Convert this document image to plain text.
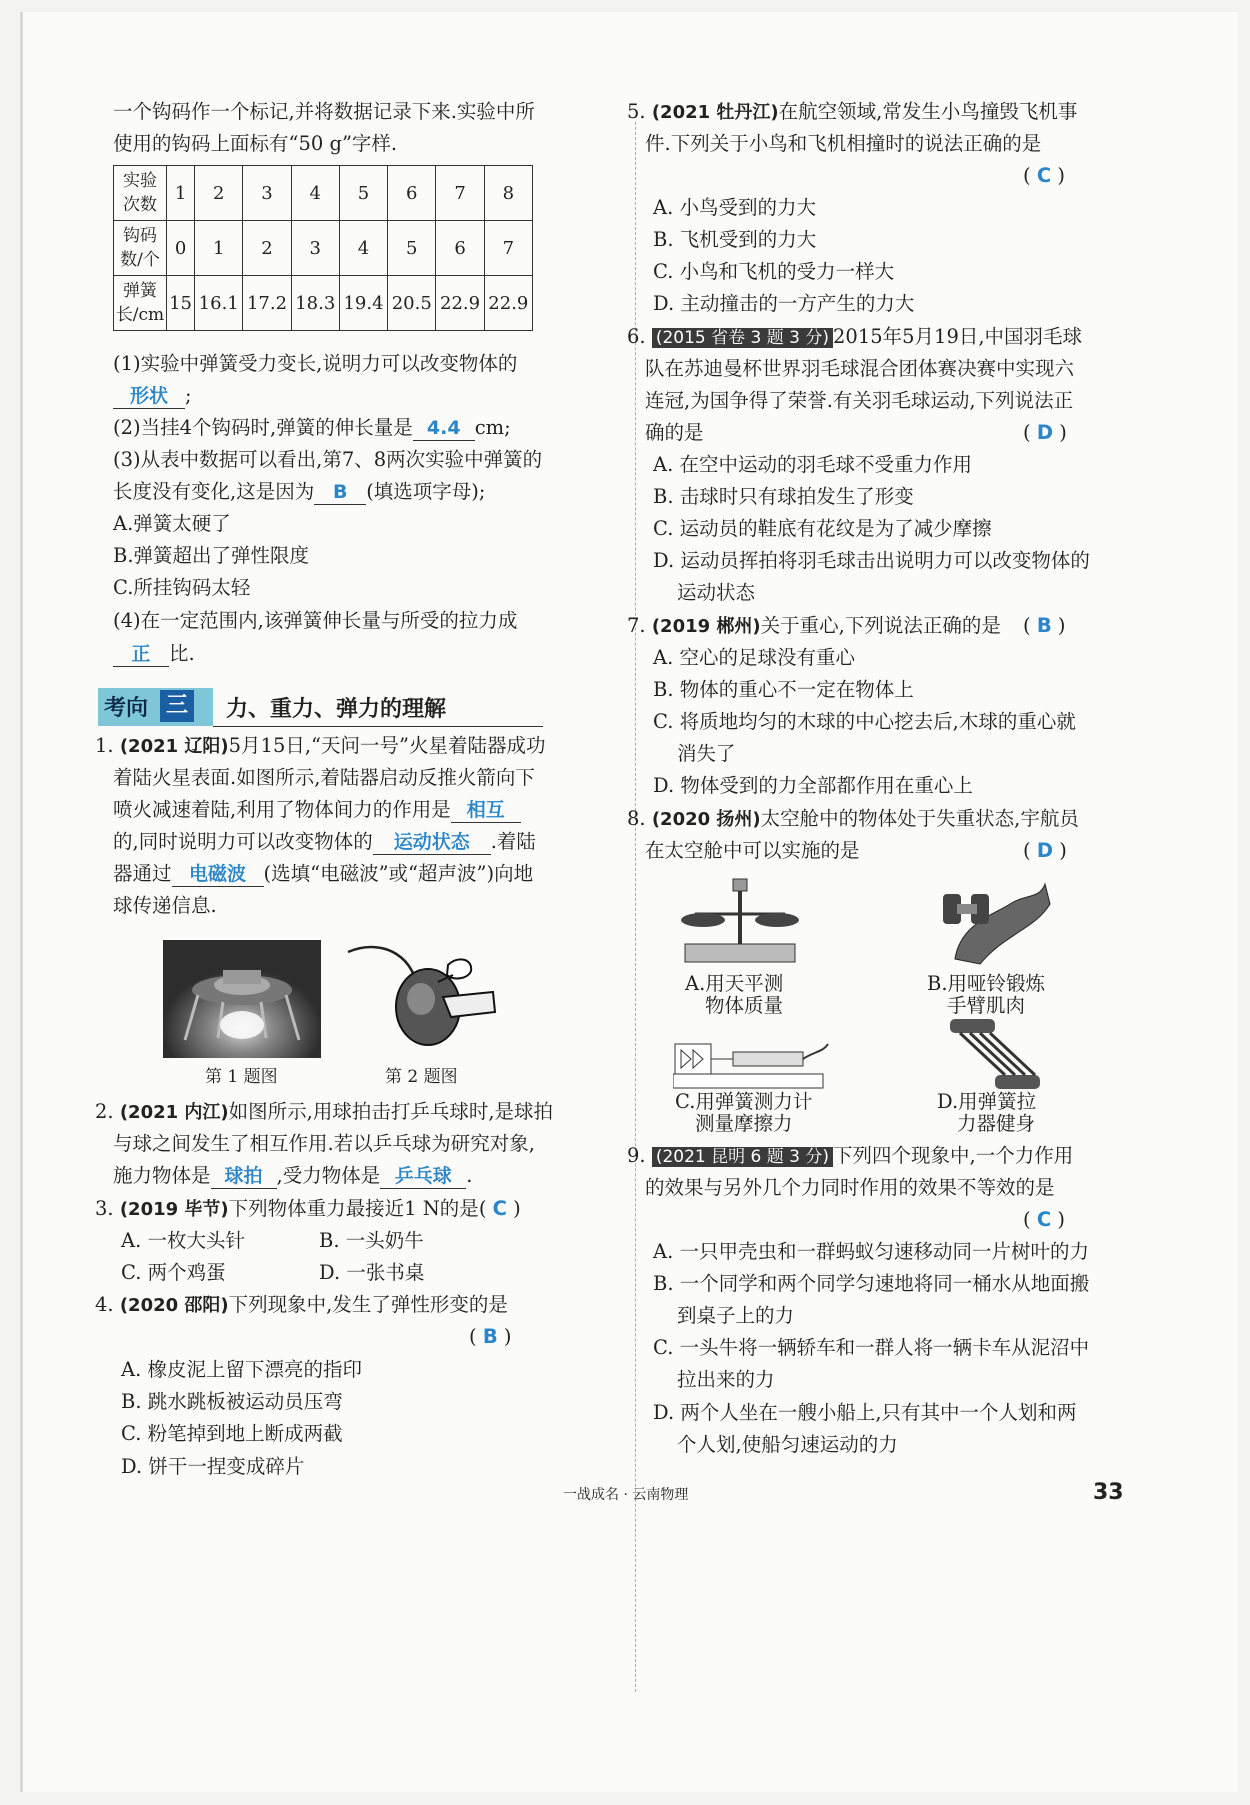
一个钩码作一个标记,并将数据记录下来.实验中所
使用的钩码上面标有“50 g”字样.
实验
次数	1	2	3	4	5	6	7	8
钩码
数/个	0	1	2	3	4	5	6	7
弹簧
长/cm	15	16.1	17.2	18.3	19.4	20.5	22.9	22.9
(1)实验中弹簧受力变长,说明力可以改变物体的
形状 ;
(2)当挂4个钩码时,弹簧的伸长量是 4.4 cm;
(3)从表中数据可以看出,第7、8两次实验中弹簧的
长度没有变化,这是因为 B (填选项字母);
A.弹簧太硬了
B.弹簧超出了弹性限度
C.所挂钩码太轻
(4)在一定范围内,该弹簧伸长量与所受的拉力成
正 比.
考向 三 力、重力、弹力的理解
1. (2021 辽阳)5月15日,“天问一号”火星着陆器成功
着陆火星表面.如图所示,着陆器启动反推火箭向下
喷火减速着陆,利用了物体间力的作用是 相互
的,同时说明力可以改变物体的 运动状态 .着陆
器通过 电磁波 (选填“电磁波”或“超声波”)向地
球传递信息.
第 1 题图	第 2 题图
2. (2021 内江)如图所示,用球拍击打乒乓球时,是球拍
与球之间发生了相互作用.若以乒乓球为研究对象,
施力物体是 球拍 ,受力物体是 乒乓球 .
3. (2019 毕节)下列物体重力最接近1 N的是( C )
A. 一枚大头针	B. 一头奶牛
C. 两个鸡蛋	D. 一张书桌
4. (2020 邵阳)下列现象中,发生了弹性形变的是
( B )
A. 橡皮泥上留下漂亮的指印
B. 跳水跳板被运动员压弯
C. 粉笔掉到地上断成两截
D. 饼干一捏变成碎片
5. (2021 牡丹江)在航空领域,常发生小鸟撞毁飞机事
件.下列关于小鸟和飞机相撞时的说法正确的是
( C )
A. 小鸟受到的力大
B. 飞机受到的力大
C. 小鸟和飞机的受力一样大
D. 主动撞击的一方产生的力大
6. (2015 省卷 3 题 3 分) 2015年5月19日,中国羽毛球
队在苏迪曼杯世界羽毛球混合团体赛决赛中实现六
连冠,为国争得了荣誉.有关羽毛球运动,下列说法正
确的是	( D )
A. 在空中运动的羽毛球不受重力作用
B. 击球时只有球拍发生了形变
C. 运动员的鞋底有花纹是为了减少摩擦
D. 运动员挥拍将羽毛球击出说明力可以改变物体的
运动状态
7. (2019 郴州)关于重心,下列说法正确的是 ( B )
A. 空心的足球没有重心
B. 物体的重心不一定在物体上
C. 将质地均匀的木球的中心挖去后,木球的重心就
消失了
D. 物体受到的力全部都作用在重心上
8. (2020 扬州)太空舱中的物体处于失重状态,宇航员
在太空舱中可以实施的是	( D )
A.用天平测
物体质量
B.用哑铃锻炼
手臂肌肉
C.用弹簧测力计
测量摩擦力
D.用弹簧拉
力器健身
9. (2021 昆明 6 题 3 分) 下列四个现象中,一个力作用
的效果与另外几个力同时作用的效果不等效的是
( C )
A. 一只甲壳虫和一群蚂蚁匀速移动同一片树叶的力
B. 一个同学和两个同学匀速地将同一桶水从地面搬
到桌子上的力
C. 一头牛将一辆轿车和一群人将一辆卡车从泥沼中
拉出来的力
D. 两个人坐在一艘小船上,只有其中一个人划和两
个人划,使船匀速运动的力
一战成名 · 云南物理	33
